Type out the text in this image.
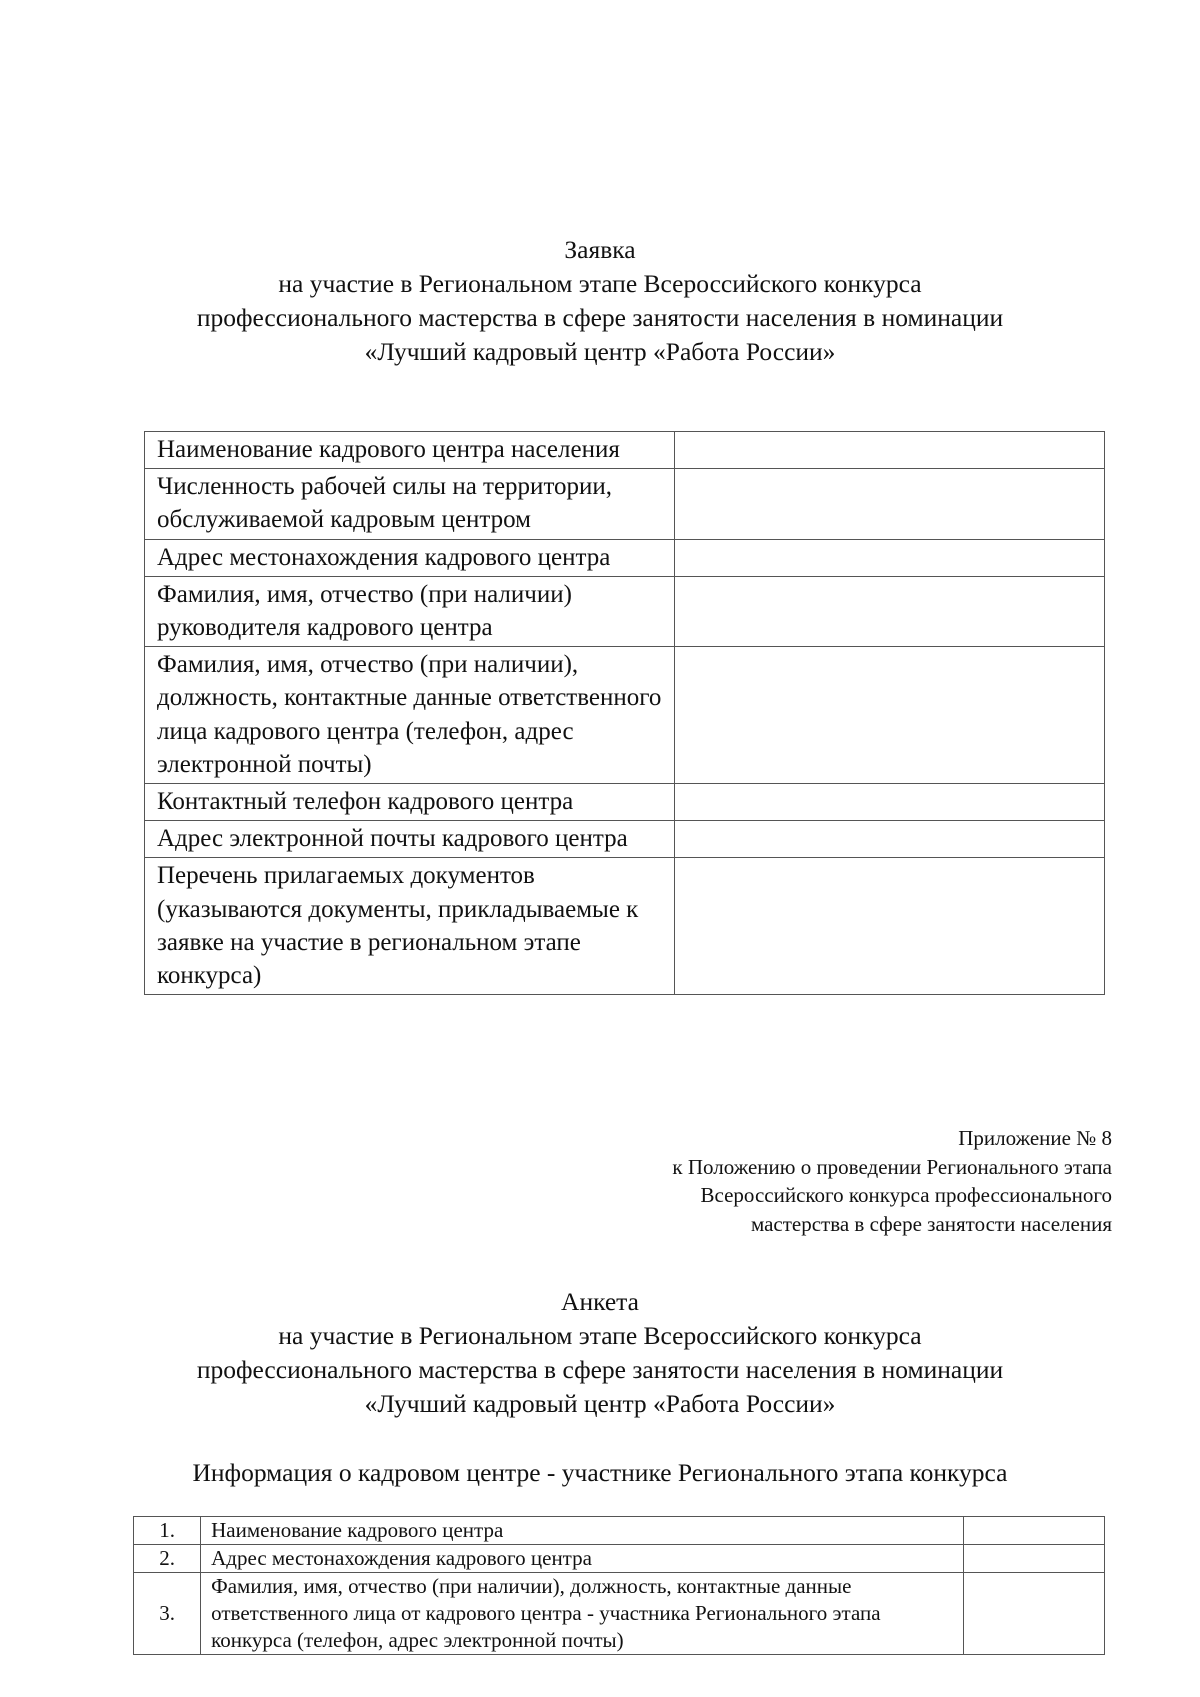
Заявка
на участие в Региональном этапе Всероссийского конкурса
профессионального мастерства в сфере занятости населения в номинации
«Лучший кадровый центр «Работа России»
Наименование кадрового центра населения	
Численность рабочей силы на территории, обслуживаемой кадровым центром	
Адрес местонахождения кадрового центра	
Фамилия, имя, отчество (при наличии) руководителя кадрового центра	
Фамилия, имя, отчество (при наличии), должность, контактные данные ответственного лица кадрового центра (телефон, адрес электронной почты)	
Контактный телефон кадрового центра	
Адрес электронной почты кадрового центра	
Перечень прилагаемых документов (указываются документы, прикладываемые к заявке на участие в региональном этапе конкурса)	
Приложение № 8
к Положению о проведении Регионального этапа
Всероссийского конкурса профессионального
мастерства в сфере занятости населения
Анкета
на участие в Региональном этапе Всероссийского конкурса
профессионального мастерства в сфере занятости населения в номинации
«Лучший кадровый центр «Работа России»
Информация о кадровом центре - участнике Регионального этапа конкурса
1.	Наименование кадрового центра	
2.	Адрес местонахождения кадрового центра	
3.	Фамилия, имя, отчество (при наличии), должность, контактные данные ответственного лица от кадрового центра - участника Регионального этапа конкурса (телефон, адрес электронной почты)	
